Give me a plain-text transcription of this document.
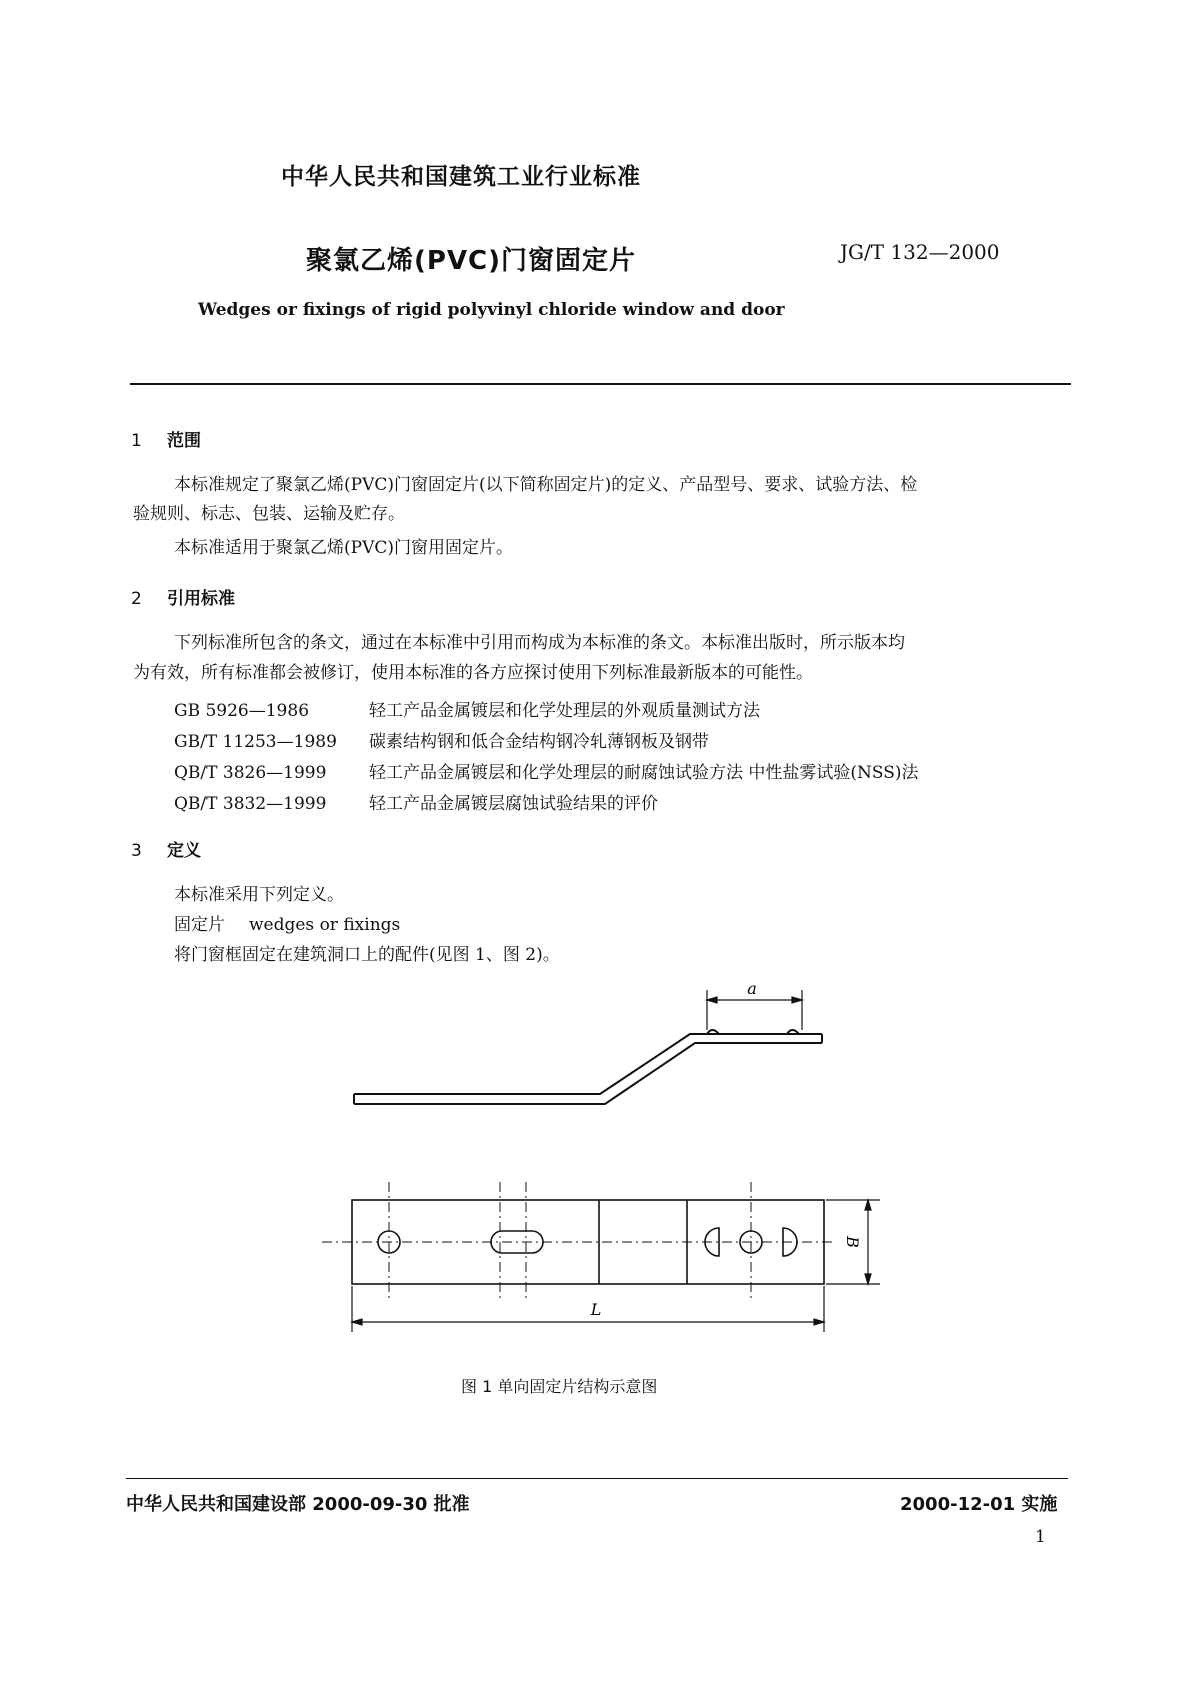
中华人民共和国建筑工业行业标准
聚氯乙烯(PVC)门窗固定片	JG/T 132—2000
Wedges or fixings of rigid polyvinyl chloride window and door
1 范围
本标准规定了聚氯乙烯(PVC)门窗固定片(以下简称固定片)的定义、产品型号、要求、试验方法、检
验规则、标志、包装、运输及贮存。
本标准适用于聚氯乙烯(PVC)门窗用固定片。
2 引用标准
下列标准所包含的条文，通过在本标准中引用而构成为本标准的条文。本标准出版时，所示版本均
为有效，所有标准都会被修订，使用本标准的各方应探讨使用下列标准最新版本的可能性。
GB 5926—1986	轻工产品金属镀层和化学处理层的外观质量测试方法
GB/T 11253—1989 碳素结构钢和低合金结构钢冷轧薄钢板及钢带
QB/T 3826—1999	轻工产品金属镀层和化学处理层的耐腐蚀试验方法 中性盐雾试验(NSS)法
QB/T 3832—1999	轻工产品金属镀层腐蚀试验结果的评价
3 定义
本标准采用下列定义。
固定片 wedges or fixings
将门窗框固定在建筑洞口上的配件(见图 1、图 2)。
a
B
L
图 1 单向固定片结构示意图
中华人民共和国建设部 2000-09-30 批准	2000-12-01 实施
1
